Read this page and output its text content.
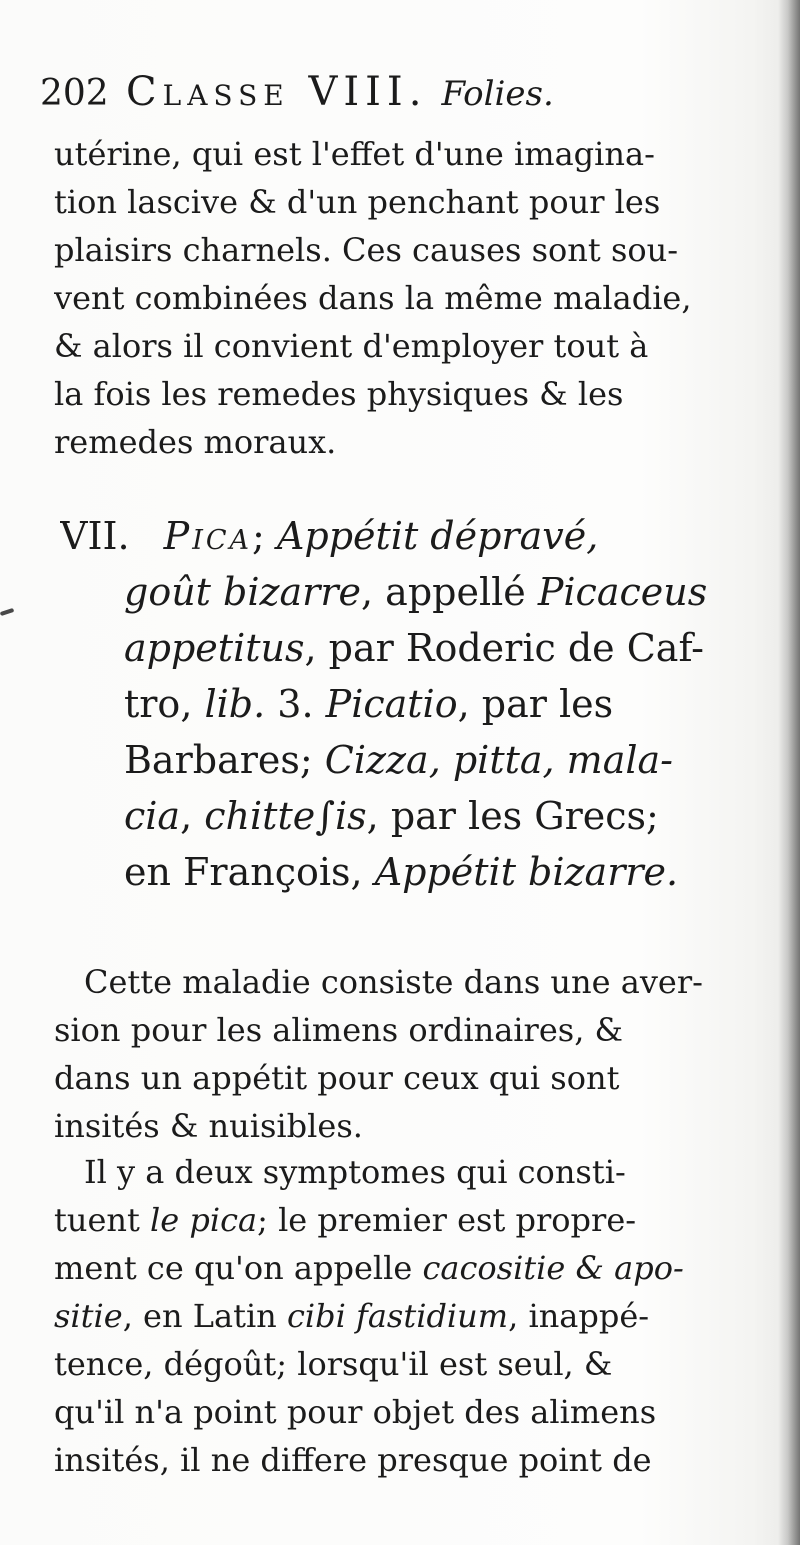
202 Classe VIII. Folies.
utérine, qui est l'effet d'une imagina-
tion lascive & d'un penchant pour les
plaisirs charnels. Ces causes sont sou-
vent combinées dans la même maladie,
& alors il convient d'employer tout à
la fois les remedes physiques & les
remedes moraux.
VII. Pica; Appétit dépravé,
goût bizarre, appellé Picaceus
appetitus, par Roderic de Caf-
tro, lib. 3. Picatio, par les
Barbares; Cizza, pitta, mala-
cia, chitte∫is, par les Grecs;
en François, Appétit bizarre.
Cette maladie consiste dans une aver-
sion pour les alimens ordinaires, &
dans un appétit pour ceux qui sont
insités & nuisibles.
Il y a deux symptomes qui consti-
tuent le pica; le premier est propre-
ment ce qu'on appelle cacositie & apo-
sitie, en Latin cibi fastidium, inappé-
tence, dégoût; lorsqu'il est seul, &
qu'il n'a point pour objet des alimens
insités, il ne differe presque point de
